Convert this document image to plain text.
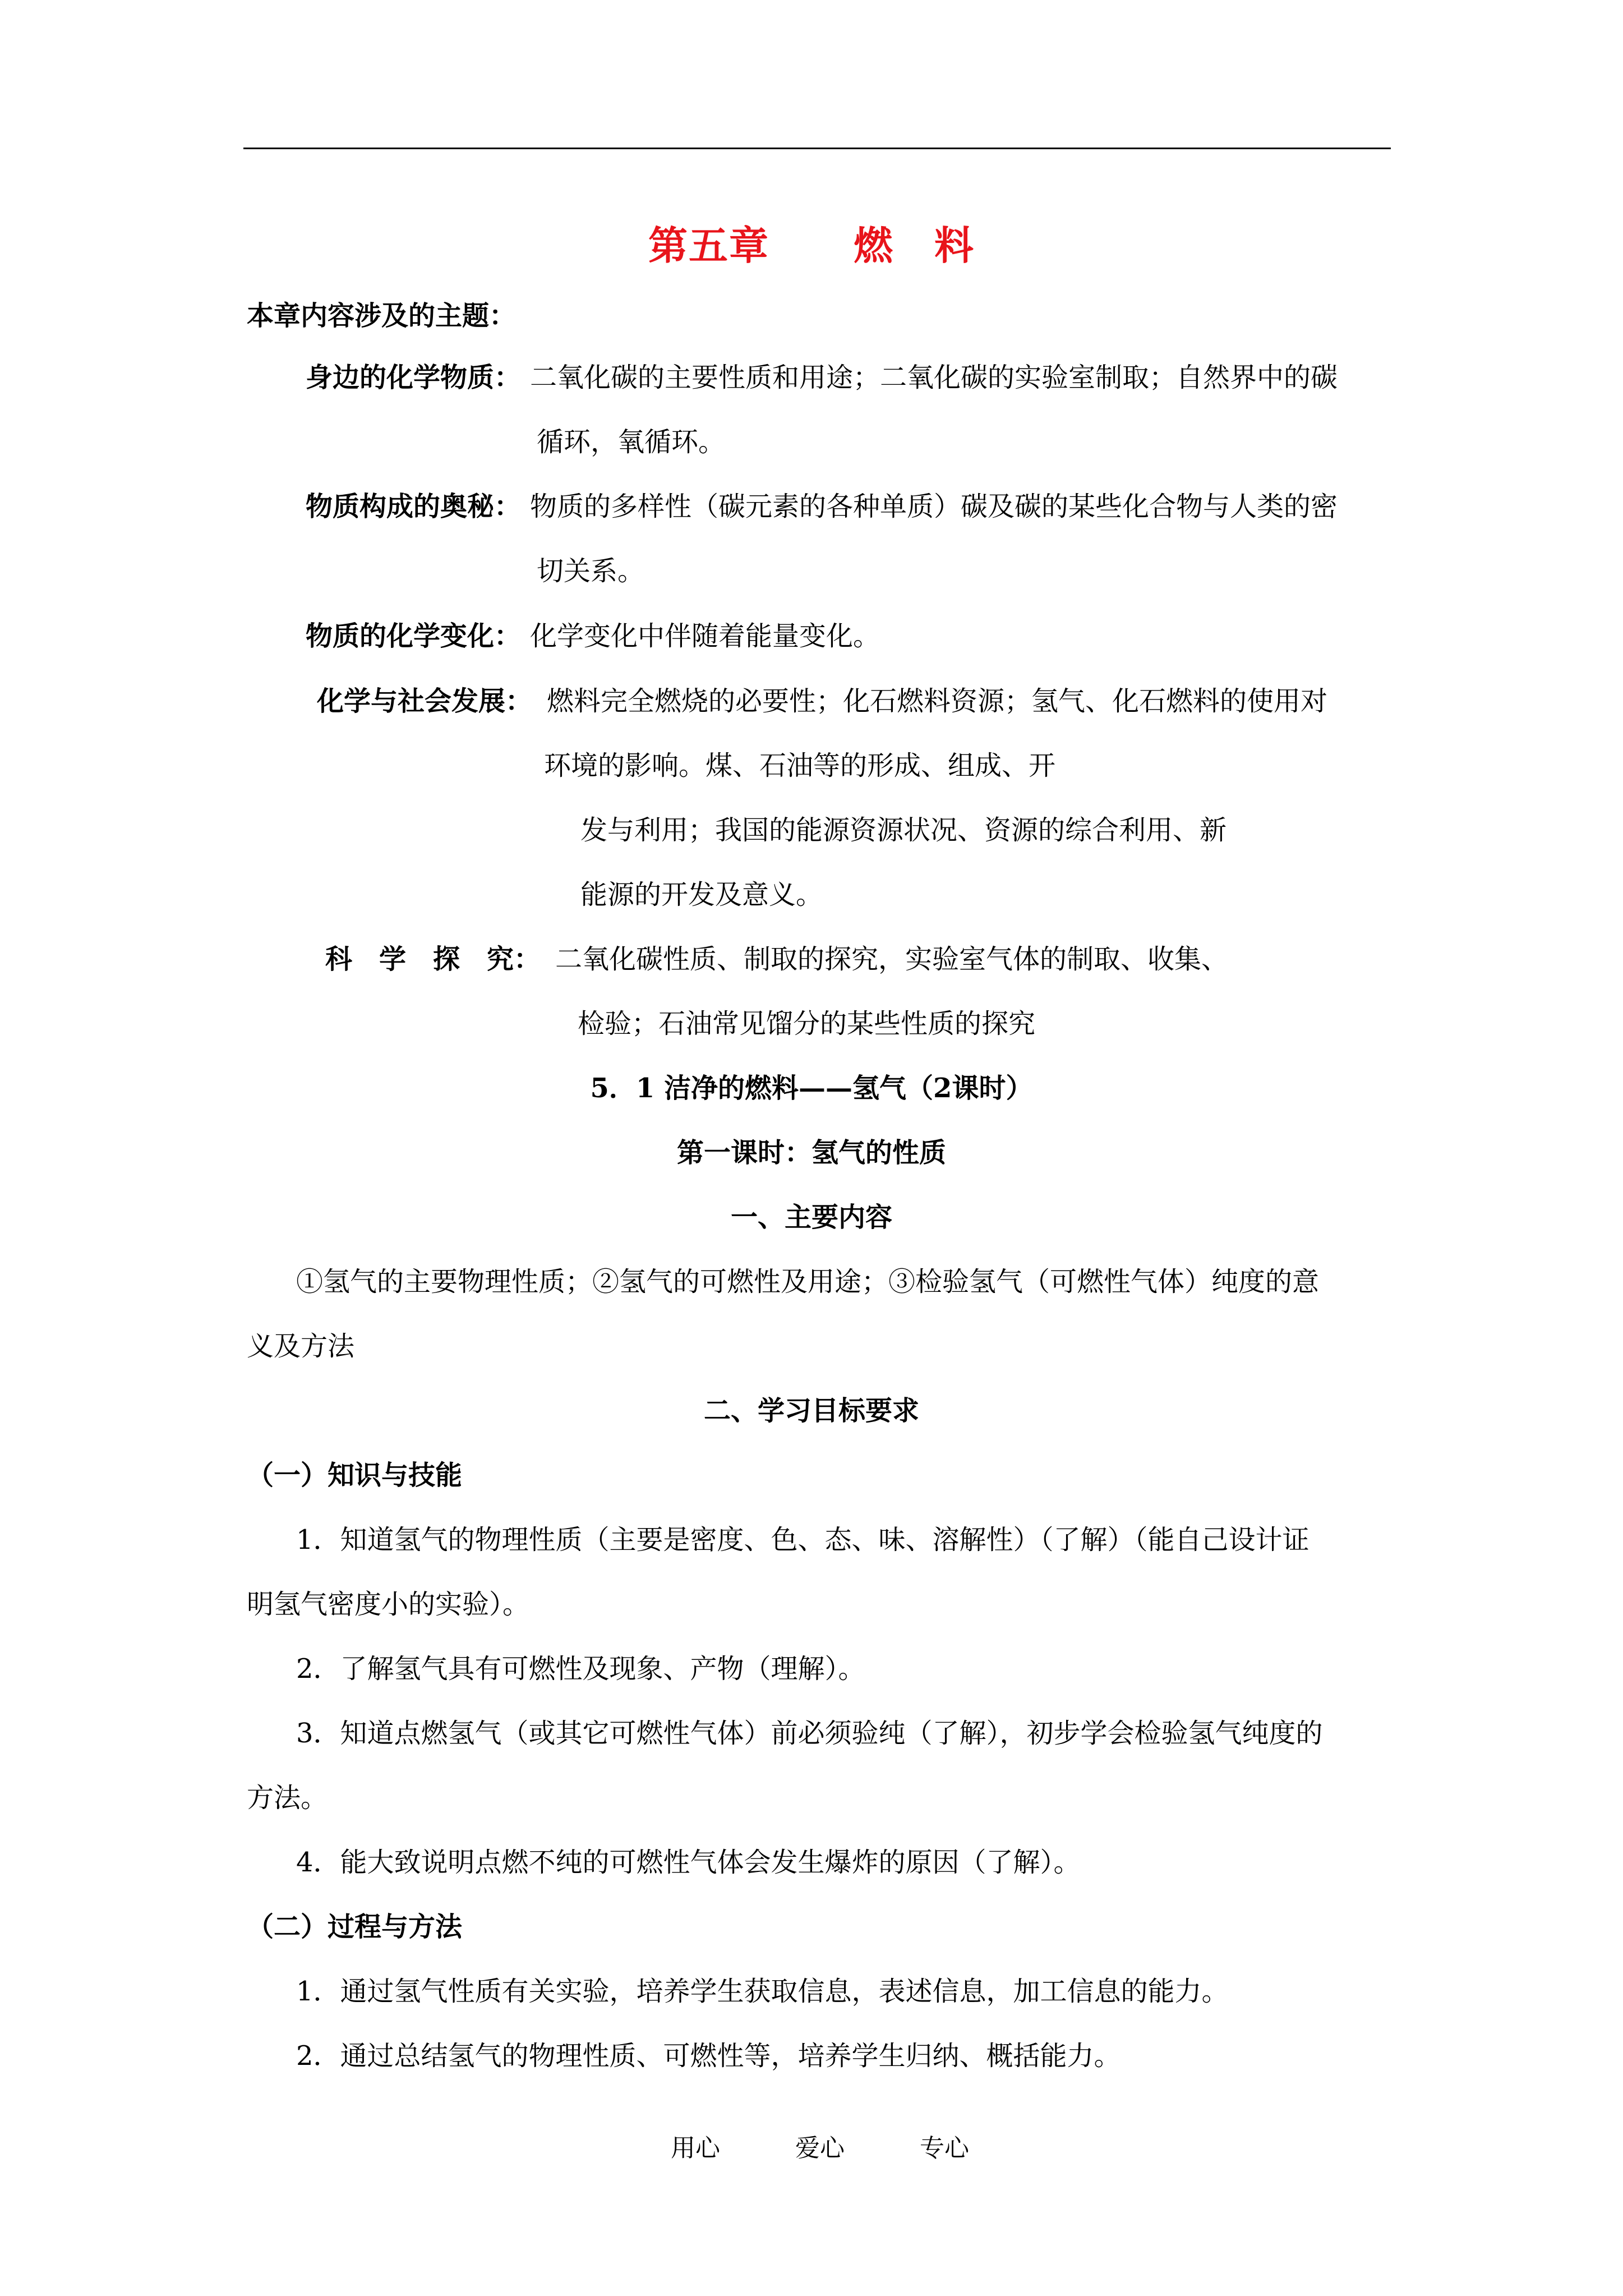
第五章 燃　料
本章内容涉及的主题：
身边的化学物质： 二氧化碳的主要性质和用途；二氧化碳的实验室制取；自然界中的碳
循环，氧循环。
物质构成的奥秘： 物质的多样性（碳元素的各种单质）碳及碳的某些化合物与人类的密
切关系。
物质的化学变化： 化学变化中伴随着能量变化。
化学与社会发展： 燃料完全燃烧的必要性；化石燃料资源；氢气、化石燃料的使用对
环境的影响。煤、石油等的形成、组成、开
发与利用；我国的能源资源状况、资源的综合利用、新
能源的开发及意义。
科　学　探　究： 二氧化碳性质、制取的探究，实验室气体的制取、收集、
检验；石油常见馏分的某些性质的探究
5．1 洁净的燃料——氢气（2课时）
第一课时：氢气的性质
一、主要内容
①氢气的主要物理性质；②氢气的可燃性及用途；③检验氢气（可燃性气体）纯度的意
义及方法
二、学习目标要求
（一）知识与技能
1．知道氢气的物理性质（主要是密度、色、态、味、溶解性）（了解）（能自己设计证
明氢气密度小的实验）。
2．了解氢气具有可燃性及现象、产物（理解）。
3．知道点燃氢气（或其它可燃性气体）前必须验纯（了解），初步学会检验氢气纯度的
方法。
4．能大致说明点燃不纯的可燃性气体会发生爆炸的原因（了解）。
（二）过程与方法
1．通过氢气性质有关实验，培养学生获取信息，表述信息，加工信息的能力。
2．通过总结氢气的物理性质、可燃性等，培养学生归纳、概括能力。
用心	爱心	专心
